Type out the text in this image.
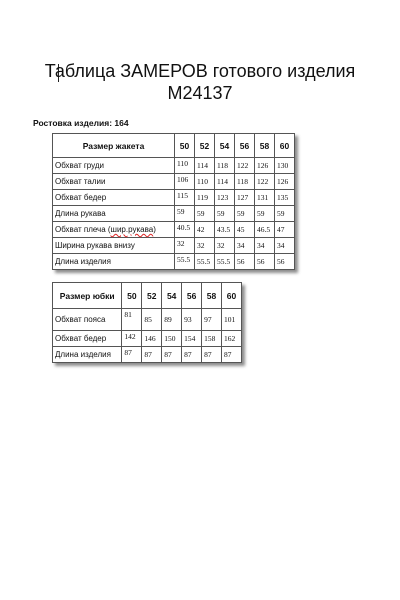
Таблица ЗАМЕРОВ готового изделия
М24137
Ростовка изделия: 164
Размер жакета	50	52	54	56	58	60
Обхват груди	110	114	118	122	126	130
Обхват талии	106	110	114	118	122	126
Обхват бедер	115	119	123	127	131	135
Длина рукава	59	59	59	59	59	59
Обхват плеча (шир.рукава)	40.5	42	43.5	45	46.5	47
Ширина рукава внизу	32	32	32	34	34	34
Длина изделия	55.5	55.5	55.5	56	56	56
Размер юбки	50	52	54	56	58	60
Обхват пояса	81	85	89	93	97	101
Обхват бедер	142	146	150	154	158	162
Длина изделия	87	87	87	87	87	87
